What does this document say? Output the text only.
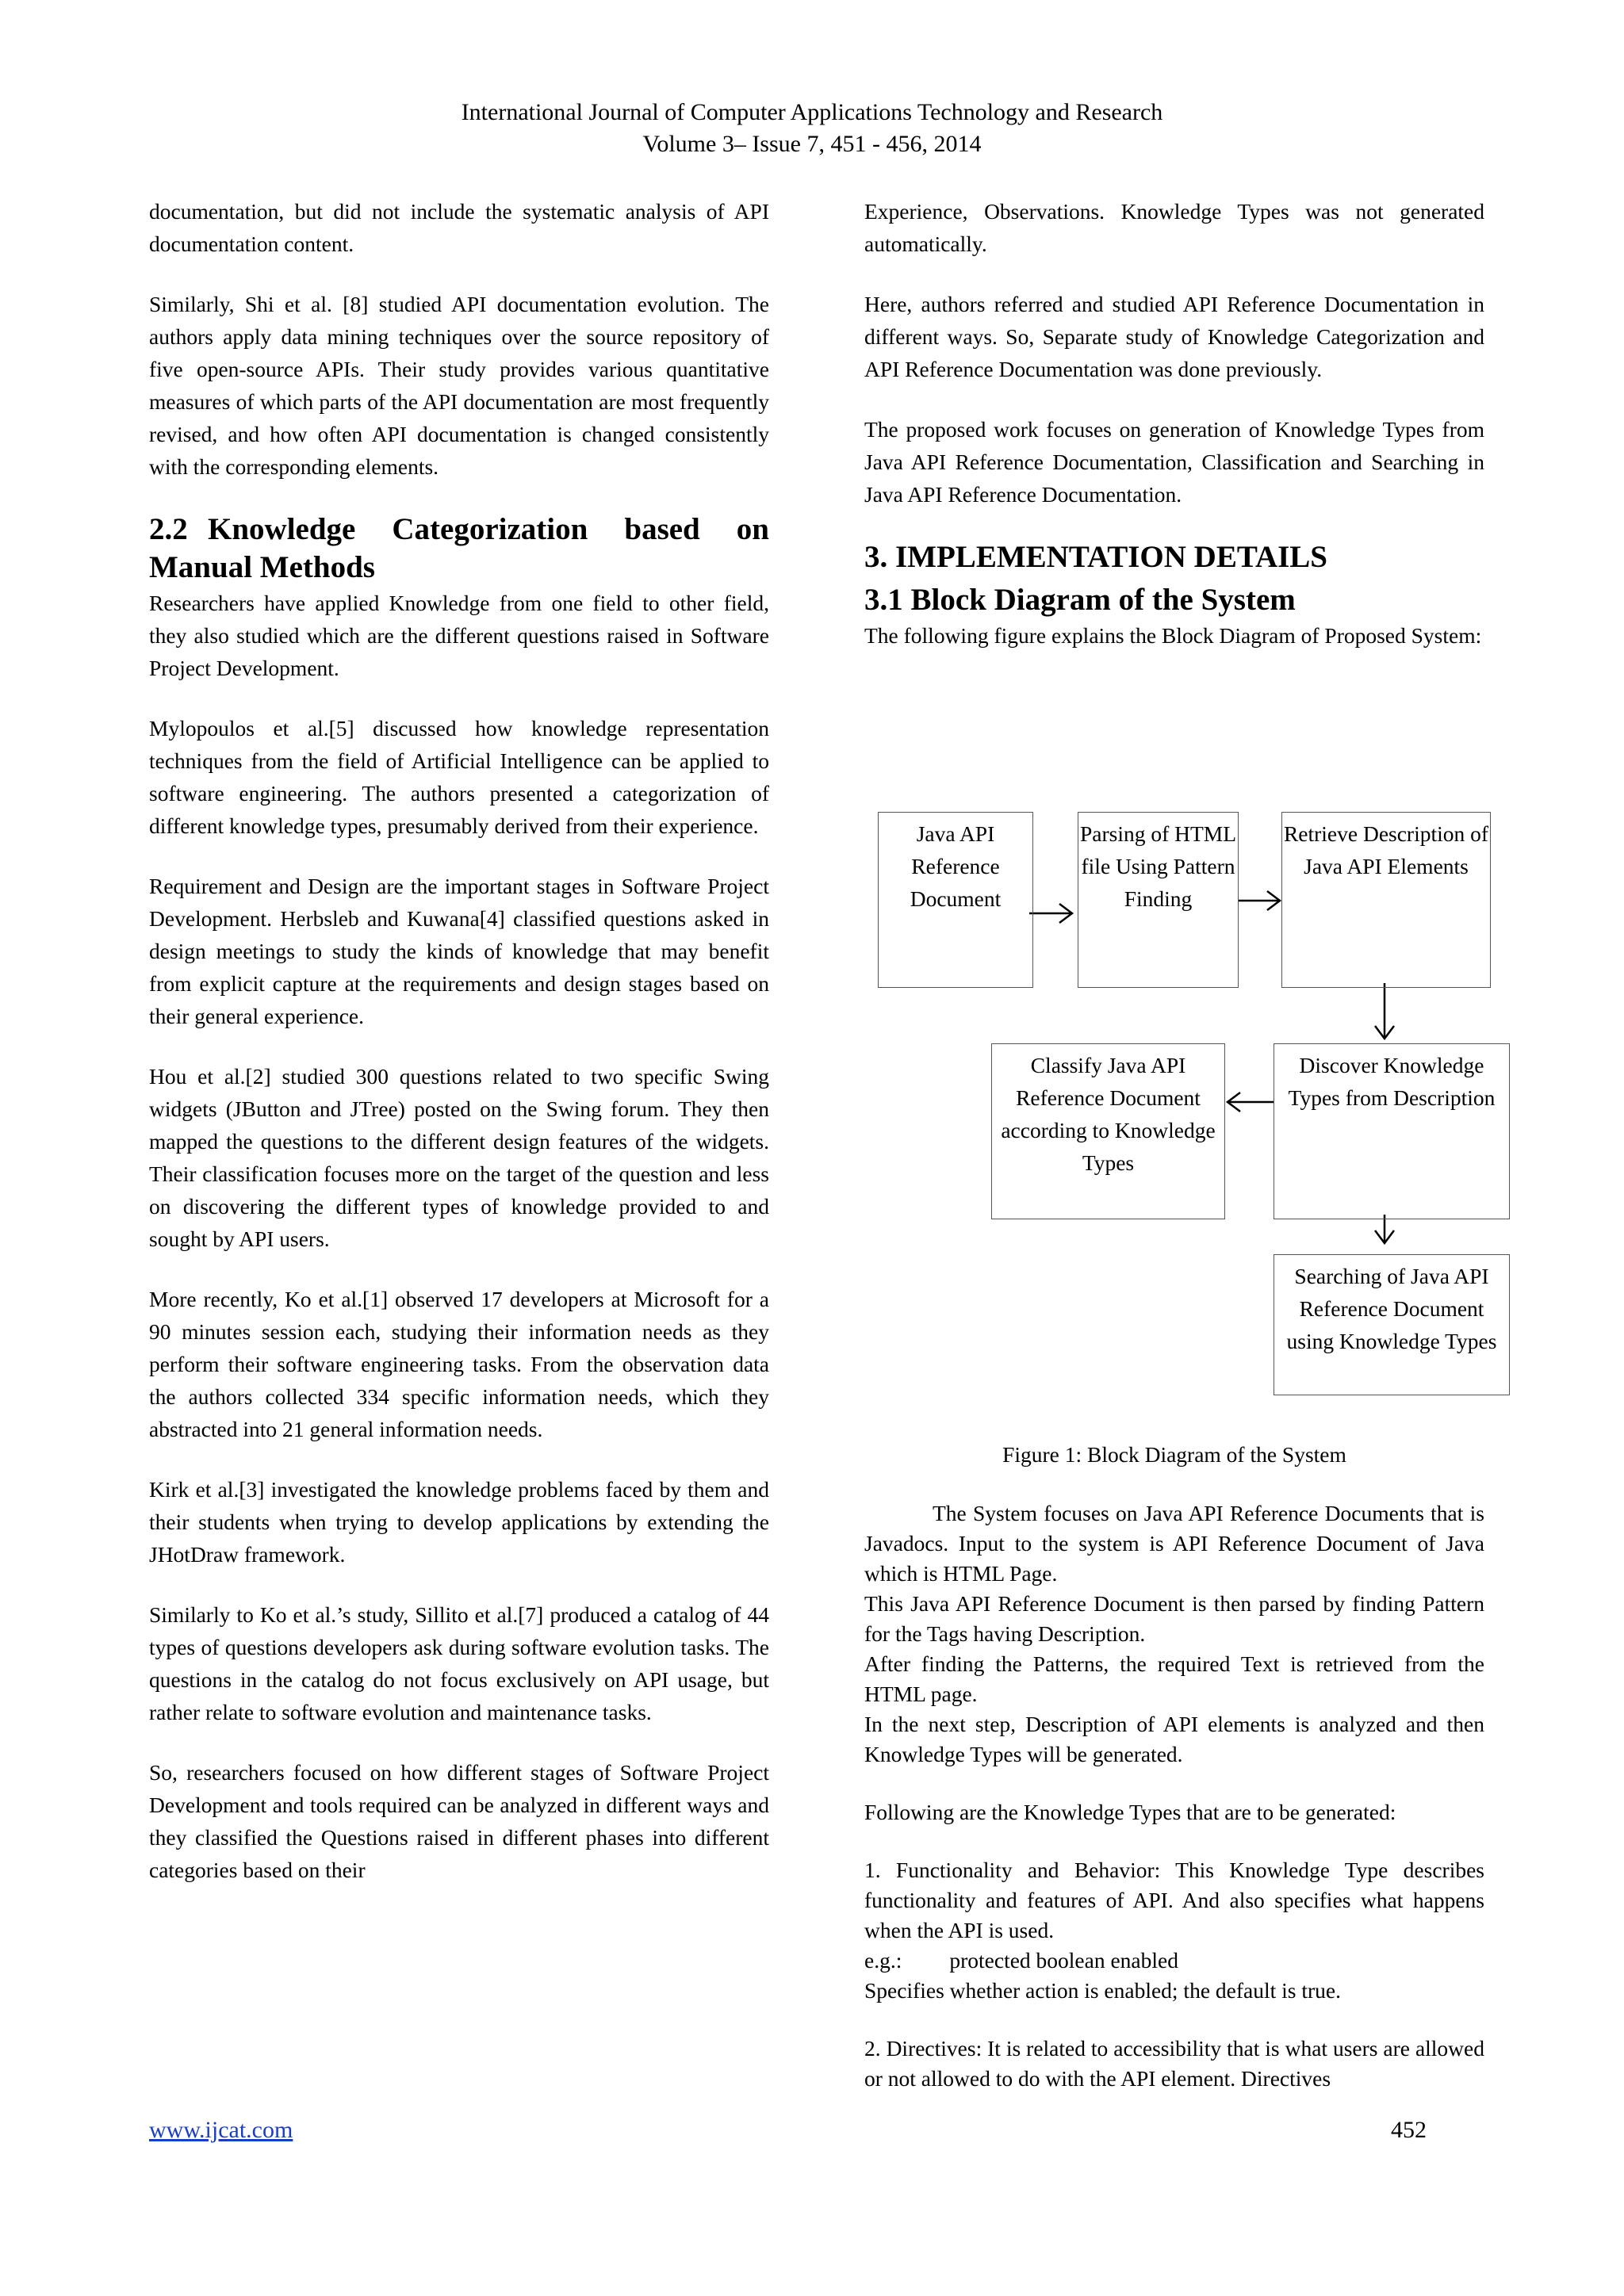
International Journal of Computer Applications Technology and Research
Volume 3– Issue 7, 451 - 456, 2014

documentation, but did not include the systematic analysis of API documentation content.

Similarly, Shi et al. [8] studied API documentation evolution. The authors apply data mining techniques over the source repository of five open-source APIs. Their study provides various quantitative measures of which parts of the API documentation are most frequently revised, and how often API documentation is changed consistently with the corresponding elements.

2.2 Knowledge Categorization based on Manual Methods

Researchers have applied Knowledge from one field to other field, they also studied which are the different questions raised in Software Project Development.

Mylopoulos et al.[5] discussed how knowledge representation techniques from the field of Artificial Intelligence can be applied to software engineering. The authors presented a categorization of different knowledge types, presumably derived from their experience.

Requirement and Design are the important stages in Software Project Development. Herbsleb and Kuwana[4] classified questions asked in design meetings to study the kinds of knowledge that may benefit from explicit capture at the requirements and design stages based on their general experience.

Hou et al.[2] studied 300 questions related to two specific Swing widgets (JButton and JTree) posted on the Swing forum. They then mapped the questions to the different design features of the widgets. Their classification focuses more on the target of the question and less on discovering the different types of knowledge provided to and sought by API users.

More recently, Ko et al.[1] observed 17 developers at Microsoft for a 90 minutes session each, studying their information needs as they perform their software engineering tasks. From the observation data the authors collected 334 specific information needs, which they abstracted into 21 general information needs.

Kirk et al.[3] investigated the knowledge problems faced by them and their students when trying to develop applications by extending the JHotDraw framework.

Similarly to Ko et al.’s study, Sillito et al.[7] produced a catalog of 44 types of questions developers ask during software evolution tasks. The questions in the catalog do not focus exclusively on API usage, but rather relate to software evolution and maintenance tasks.

So, researchers focused on how different stages of Software Project Development and tools required can be analyzed in different ways and they classified the Questions raised in different phases into different categories based on their

Experience, Observations. Knowledge Types was not generated automatically.

Here, authors referred and studied API Reference Documentation in different ways. So, Separate study of Knowledge Categorization and API Reference Documentation was done previously.

The proposed work focuses on generation of Knowledge Types from Java API Reference Documentation, Classification and Searching in Java API Reference Documentation.

3. IMPLEMENTATION DETAILS
3.1 Block Diagram of the System

The following figure explains the Block Diagram of Proposed System:

Java API Reference Document
Parsing of HTML file Using Pattern Finding
Retrieve Description of Java API Elements
Classify Java API Reference Document according to Knowledge Types
Discover Knowledge Types from Description
Searching of Java API Reference Document using Knowledge Types
Figure 1: Block Diagram of the System

The System focuses on Java API Reference Documents that is Javadocs. Input to the system is API Reference Document of Java which is HTML Page.

This Java API Reference Document is then parsed by finding Pattern for the Tags having Description.

After finding the Patterns, the required Text is retrieved from the HTML page.

In the next step, Description of API elements is analyzed and then Knowledge Types will be generated.

Following are the Knowledge Types that are to be generated:

1. Functionality and Behavior: This Knowledge Type describes functionality and features of API. And also specifies what happens when the API is used.

e.g.: protected boolean enabled

Specifies whether action is enabled; the default is true.

2. Directives: It is related to accessibility that is what users are allowed or not allowed to do with the API element. Directives

www.ijcat.com	452
